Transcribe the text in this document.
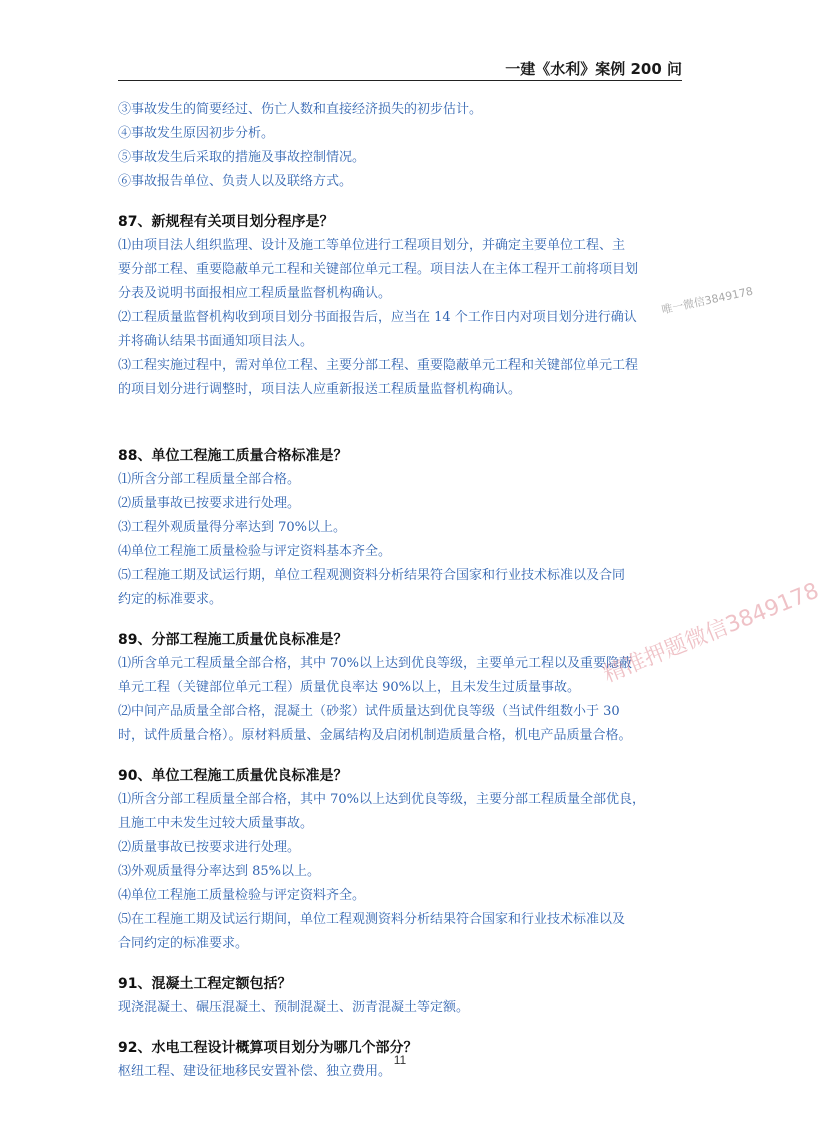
一建《水利》案例 200 问
③事故发生的简要经过、伤亡人数和直接经济损失的初步估计。
④事故发生原因初步分析。
⑤事故发生后采取的措施及事故控制情况。
⑥事故报告单位、负责人以及联络方式。
87、新规程有关项目划分程序是？
⑴由项目法人组织监理、设计及施工等单位进行工程项目划分，并确定主要单位工程、主
要分部工程、重要隐蔽单元工程和关键部位单元工程。项目法人在主体工程开工前将项目划
分表及说明书面报相应工程质量监督机构确认。
⑵工程质量监督机构收到项目划分书面报告后，应当在 14 个工作日内对项目划分进行确认
并将确认结果书面通知项目法人。
⑶工程实施过程中，需对单位工程、主要分部工程、重要隐蔽单元工程和关键部位单元工程
的项目划分进行调整时，项目法人应重新报送工程质量监督机构确认。
88、单位工程施工质量合格标准是？
⑴所含分部工程质量全部合格。
⑵质量事故已按要求进行处理。
⑶工程外观质量得分率达到 70%以上。
⑷单位工程施工质量检验与评定资料基本齐全。
⑸工程施工期及试运行期，单位工程观测资料分析结果符合国家和行业技术标准以及合同
约定的标准要求。
89、分部工程施工质量优良标准是？
⑴所含单元工程质量全部合格，其中 70%以上达到优良等级，主要单元工程以及重要隐蔽
单元工程（关键部位单元工程）质量优良率达 90%以上，且未发生过质量事故。
⑵中间产品质量全部合格，混凝土（砂浆）试件质量达到优良等级（当试件组数小于 30
时，试件质量合格）。原材料质量、金属结构及启闭机制造质量合格，机电产品质量合格。
90、单位工程施工质量优良标准是？
⑴所含分部工程质量全部合格，其中 70%以上达到优良等级，主要分部工程质量全部优良，
且施工中未发生过较大质量事故。
⑵质量事故已按要求进行处理。
⑶外观质量得分率达到 85%以上。
⑷单位工程施工质量检验与评定资料齐全。
⑸在工程施工期及试运行期间，单位工程观测资料分析结果符合国家和行业技术标准以及
合同约定的标准要求。
91、混凝土工程定额包括？
现浇混凝土、碾压混凝土、预制混凝土、沥青混凝土等定额。
92、水电工程设计概算项目划分为哪几个部分？
枢纽工程、建设征地移民安置补偿、独立费用。
唯一微信3849178
精准押题微信3849178
11
